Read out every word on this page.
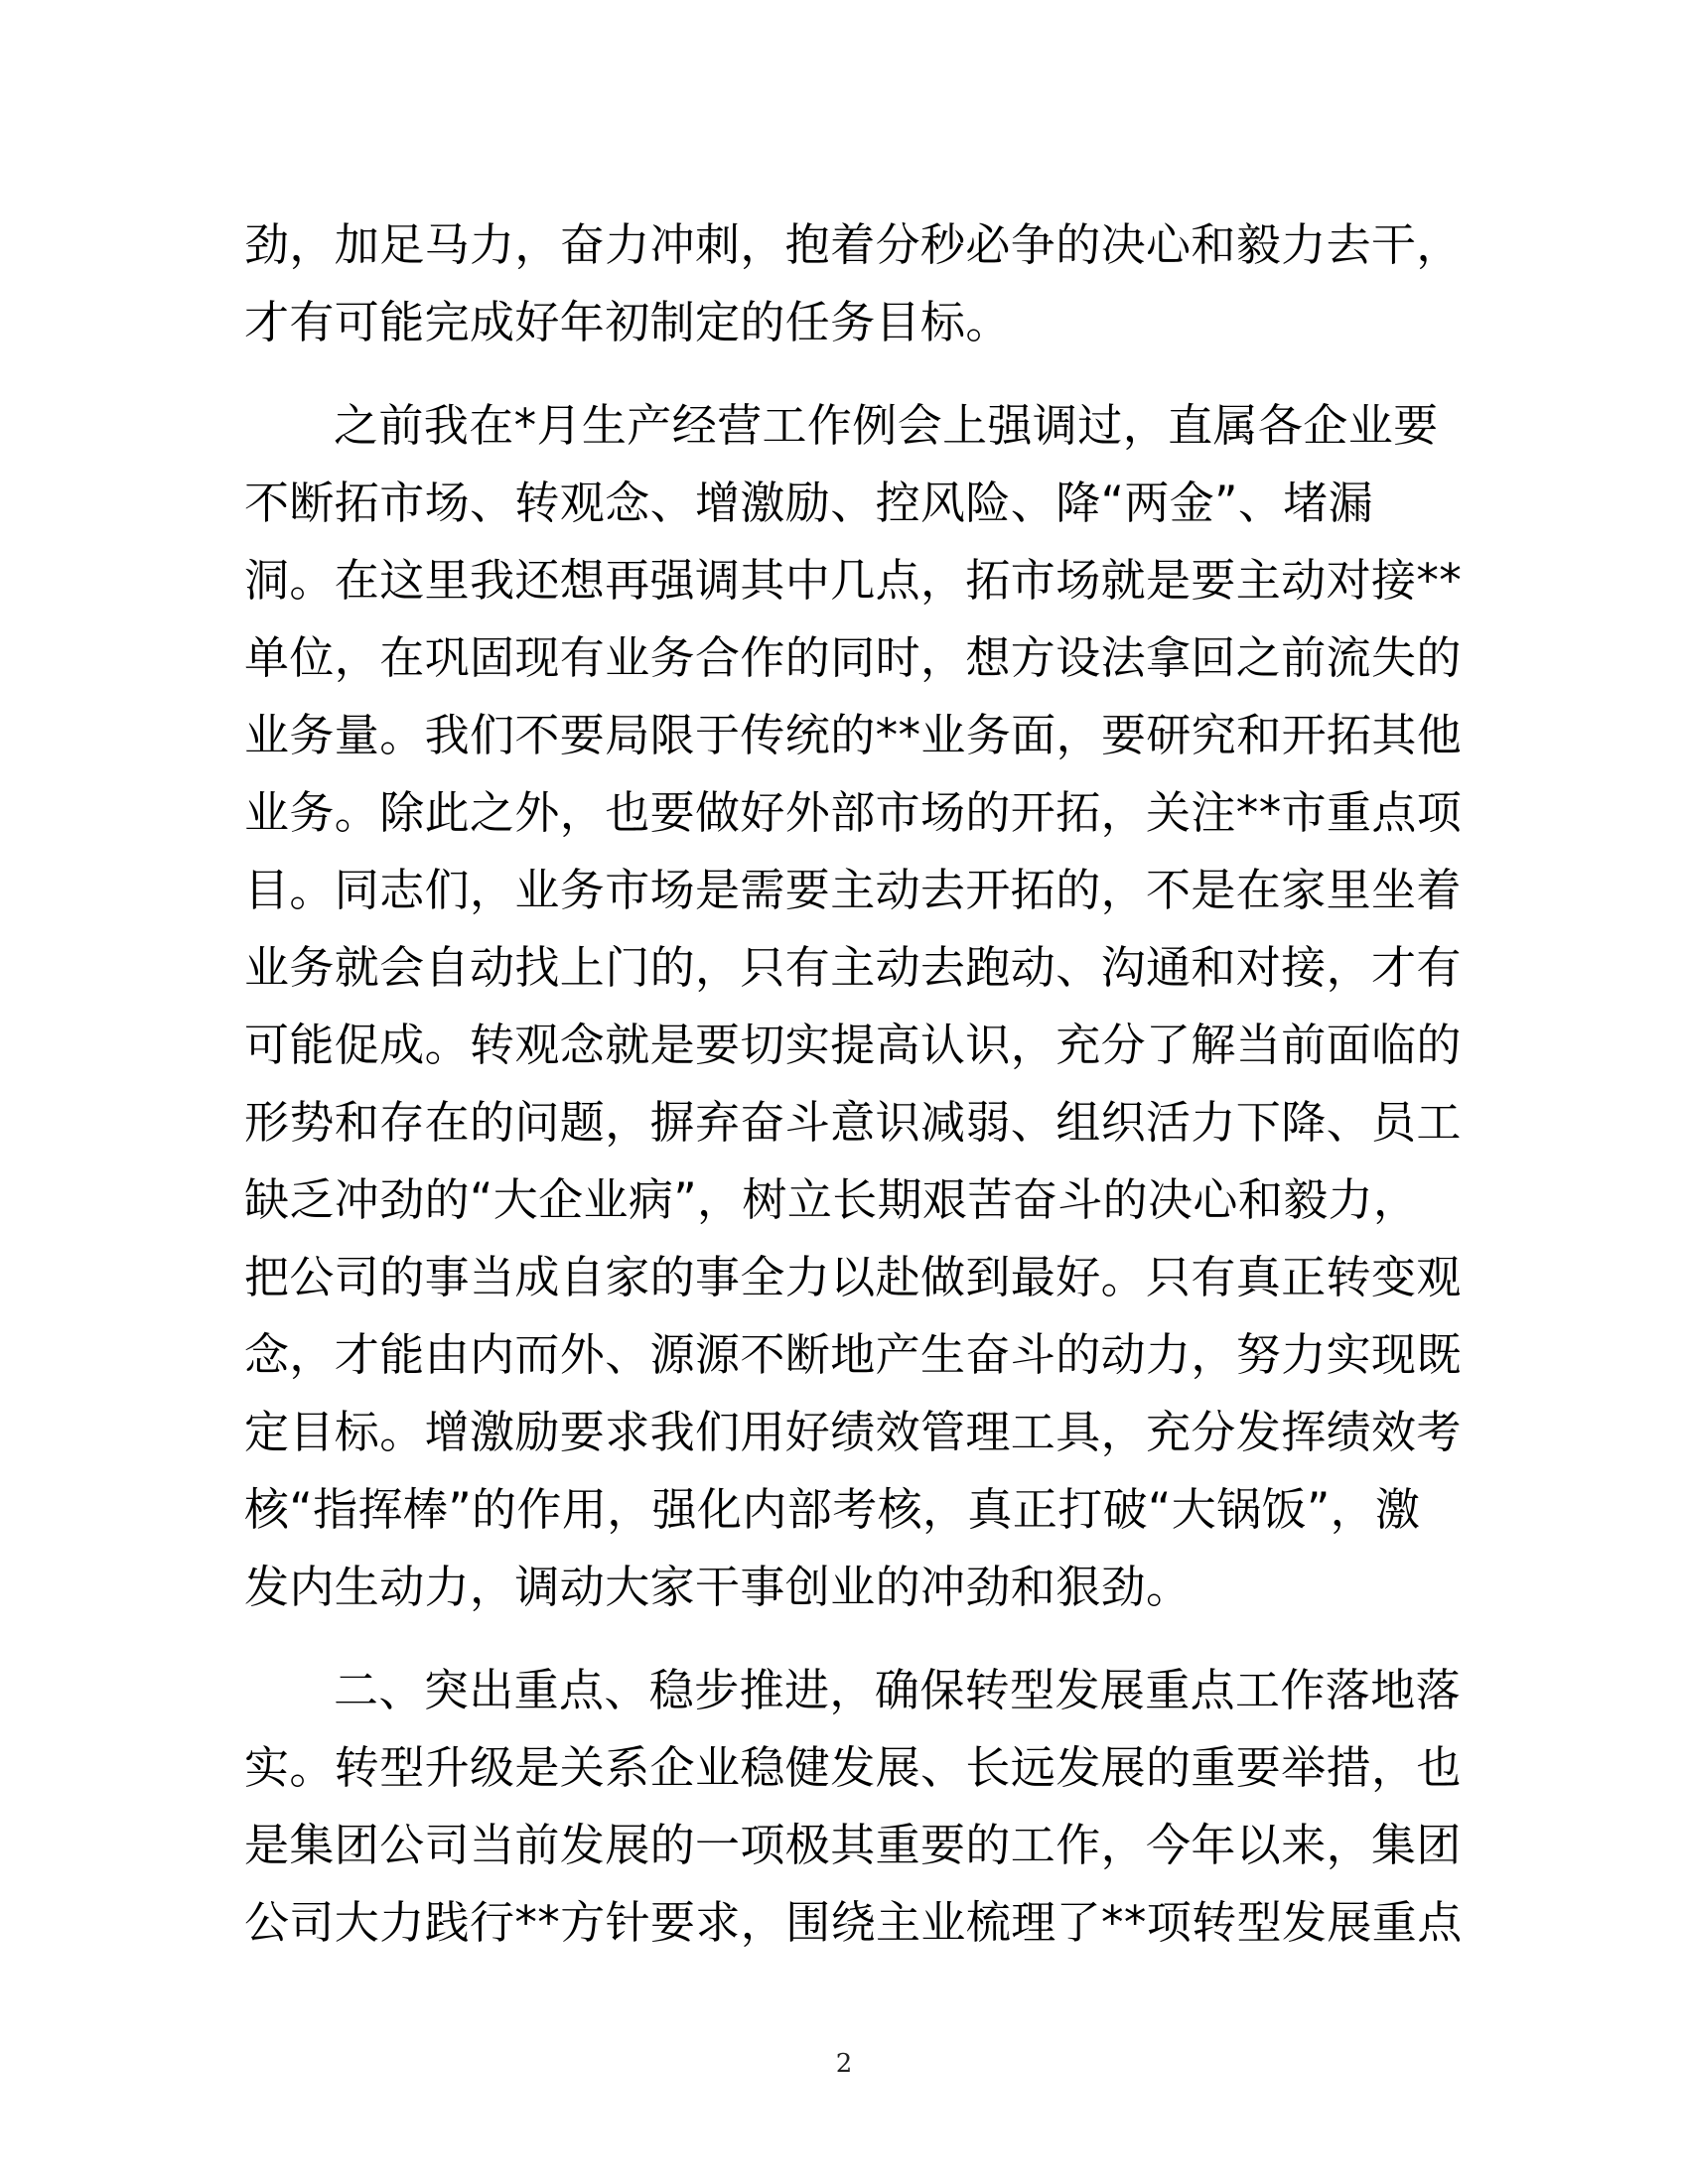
劲，加足马力，奋力冲刺，抱着分秒必争的决心和毅力去干，
才有可能完成好年初制定的任务目标。
之前我在*月生产经营工作例会上强调过，直属各企业要
不断拓市场、转观念、增激励、控风险、降“两金”、堵漏
洞。在这里我还想再强调其中几点，拓市场就是要主动对接**
单位，在巩固现有业务合作的同时，想方设法拿回之前流失的
业务量。我们不要局限于传统的**业务面，要研究和开拓其他
业务。除此之外，也要做好外部市场的开拓，关注**市重点项
目。同志们，业务市场是需要主动去开拓的，不是在家里坐着
业务就会自动找上门的，只有主动去跑动、沟通和对接，才有
可能促成。转观念就是要切实提高认识，充分了解当前面临的
形势和存在的问题，摒弃奋斗意识减弱、组织活力下降、员工
缺乏冲劲的“大企业病”，树立长期艰苦奋斗的决心和毅力，
把公司的事当成自家的事全力以赴做到最好。只有真正转变观
念，才能由内而外、源源不断地产生奋斗的动力，努力实现既
定目标。增激励要求我们用好绩效管理工具，充分发挥绩效考
核“指挥棒”的作用，强化内部考核，真正打破“大锅饭”，激
发内生动力，调动大家干事创业的冲劲和狠劲。
二、突出重点、稳步推进，确保转型发展重点工作落地落
实。转型升级是关系企业稳健发展、长远发展的重要举措，也
是集团公司当前发展的一项极其重要的工作，今年以来，集团
公司大力践行**方针要求，围绕主业梳理了**项转型发展重点
2
